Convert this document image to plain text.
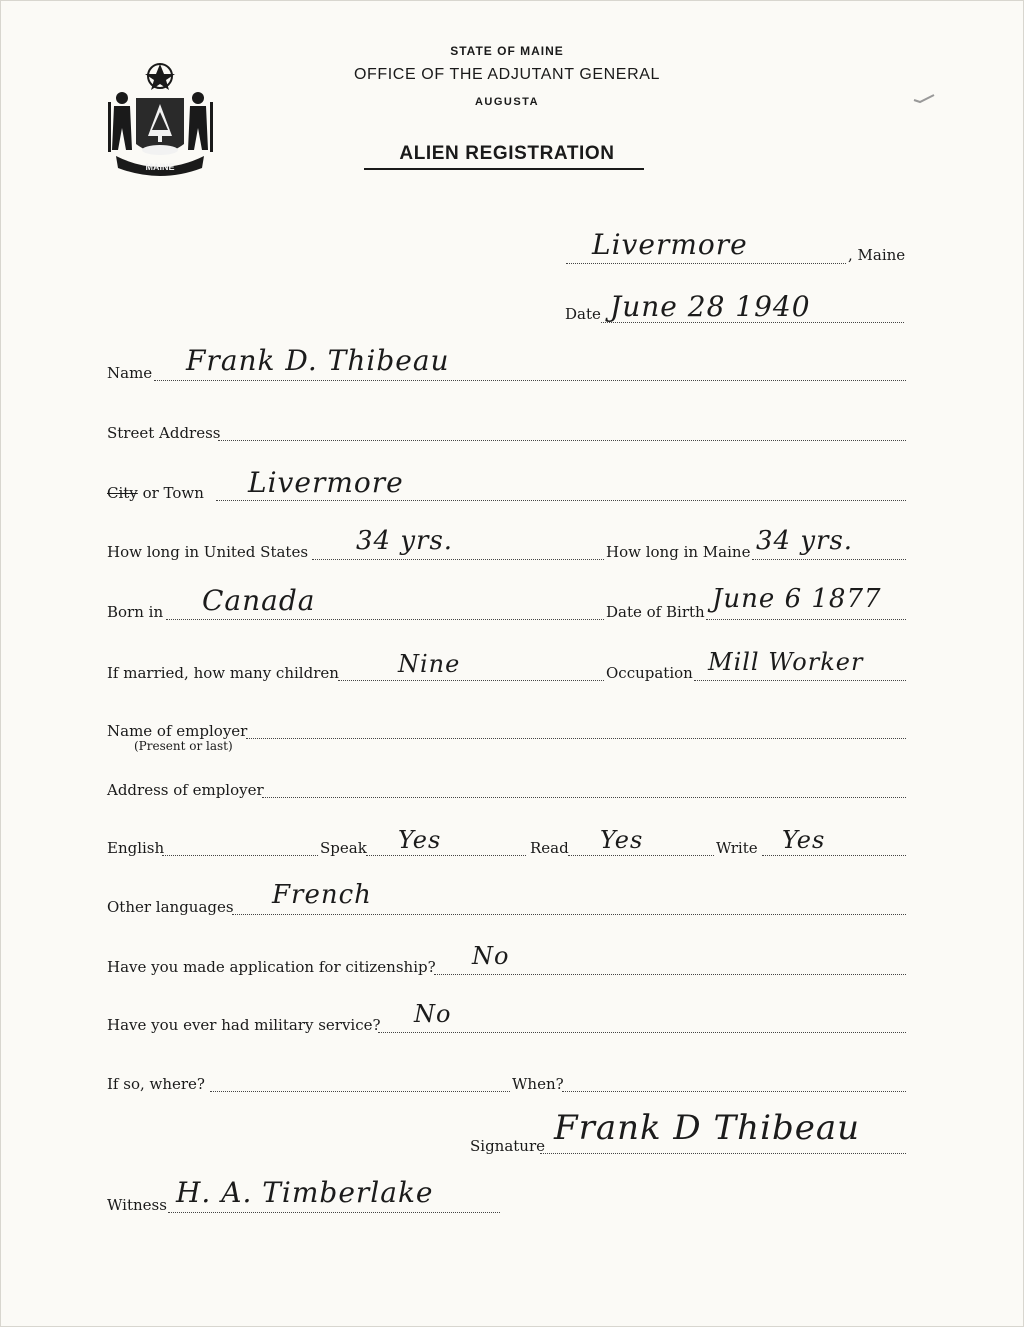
MAINE
STATE OF MAINE
OFFICE OF THE ADJUTANT GENERAL
AUGUSTA
ALIEN REGISTRATION
Livermore	, Maine
Date June 28 1940
Name Frank D. Thibeau
Street Address
City or Town Livermore
How long in United States 34 yrs.	How long in Maine 34 yrs.
Born in Canada	Date of Birth June 6 1877
If married, how many children Nine	Occupation Mill Worker
Name of employer
(Present or last)
Address of employer
English	Speak Yes	Read Yes	Write Yes
Other languages French
Have you made application for citizenship? No
Have you ever had military service? No
If so, where?	When?
Signature Frank D Thibeau
Witness H. A. Timberlake
